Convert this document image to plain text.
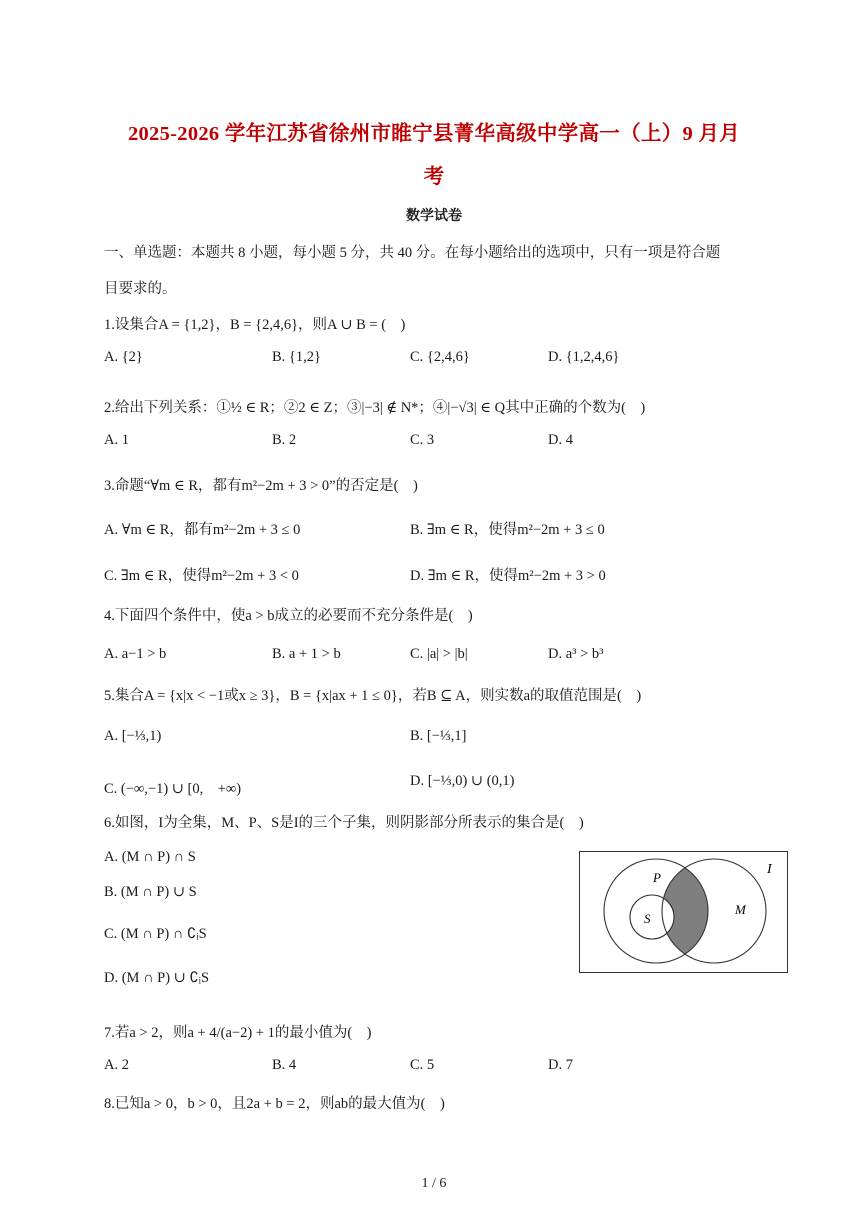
2025-2026 学年江苏省徐州市睢宁县菁华高级中学高一（上）9 月月
考
数学试卷
一、单选题：本题共 8 小题，每小题 5 分，共 40 分。在每小题给出的选项中，只有一项是符合题
目要求的。
1.设集合A = {1,2}，B = {2,4,6}，则A ∪ B = (　)
A. {2}	B. {1,2}	C. {2,4,6}	D. {1,2,4,6}
2.给出下列关系：①½ ∈ R；②2 ∈ Z；③|−3| ∉ N*；④|−√3| ∈ Q其中正确的个数为(　)
A. 1	B. 2	C. 3	D. 4
3.命题“∀m ∈ R，都有m²−2m + 3 > 0”的否定是(　)
A. ∀m ∈ R，都有m²−2m + 3 ≤ 0	B. ∃m ∈ R，使得m²−2m + 3 ≤ 0
C. ∃m ∈ R，使得m²−2m + 3 < 0	D. ∃m ∈ R，使得m²−2m + 3 > 0
4.下面四个条件中，使a > b成立的必要而不充分条件是(　)
A. a−1 > b	B. a + 1 > b	C. |a| > |b|	D. a³ > b³
5.集合A = {x|x < −1或x ≥ 3}，B = {x|ax + 1 ≤ 0}，若B ⊆ A，则实数a的取值范围是(　)
A. [−⅓,1)	B. [−⅓,1]
C. (−∞,−1) ∪ [0,　+∞)	D. [−⅓,0) ∪ (0,1)
6.如图，I为全集，M、P、S是I的三个子集，则阴影部分所表示的集合是(　)
A. (M ∩ P) ∩ S
B. (M ∩ P) ∪ S
C. (M ∩ P) ∩ ∁ᵢS
D. (M ∩ P) ∪ ∁ᵢS
I
P
M
S
7.若a > 2，则a + 4/(a−2) + 1的最小值为(　)
A. 2	B. 4	C. 5	D. 7
8.已知a > 0，b > 0，且2a + b = 2，则ab的最大值为(　)
1 / 6
